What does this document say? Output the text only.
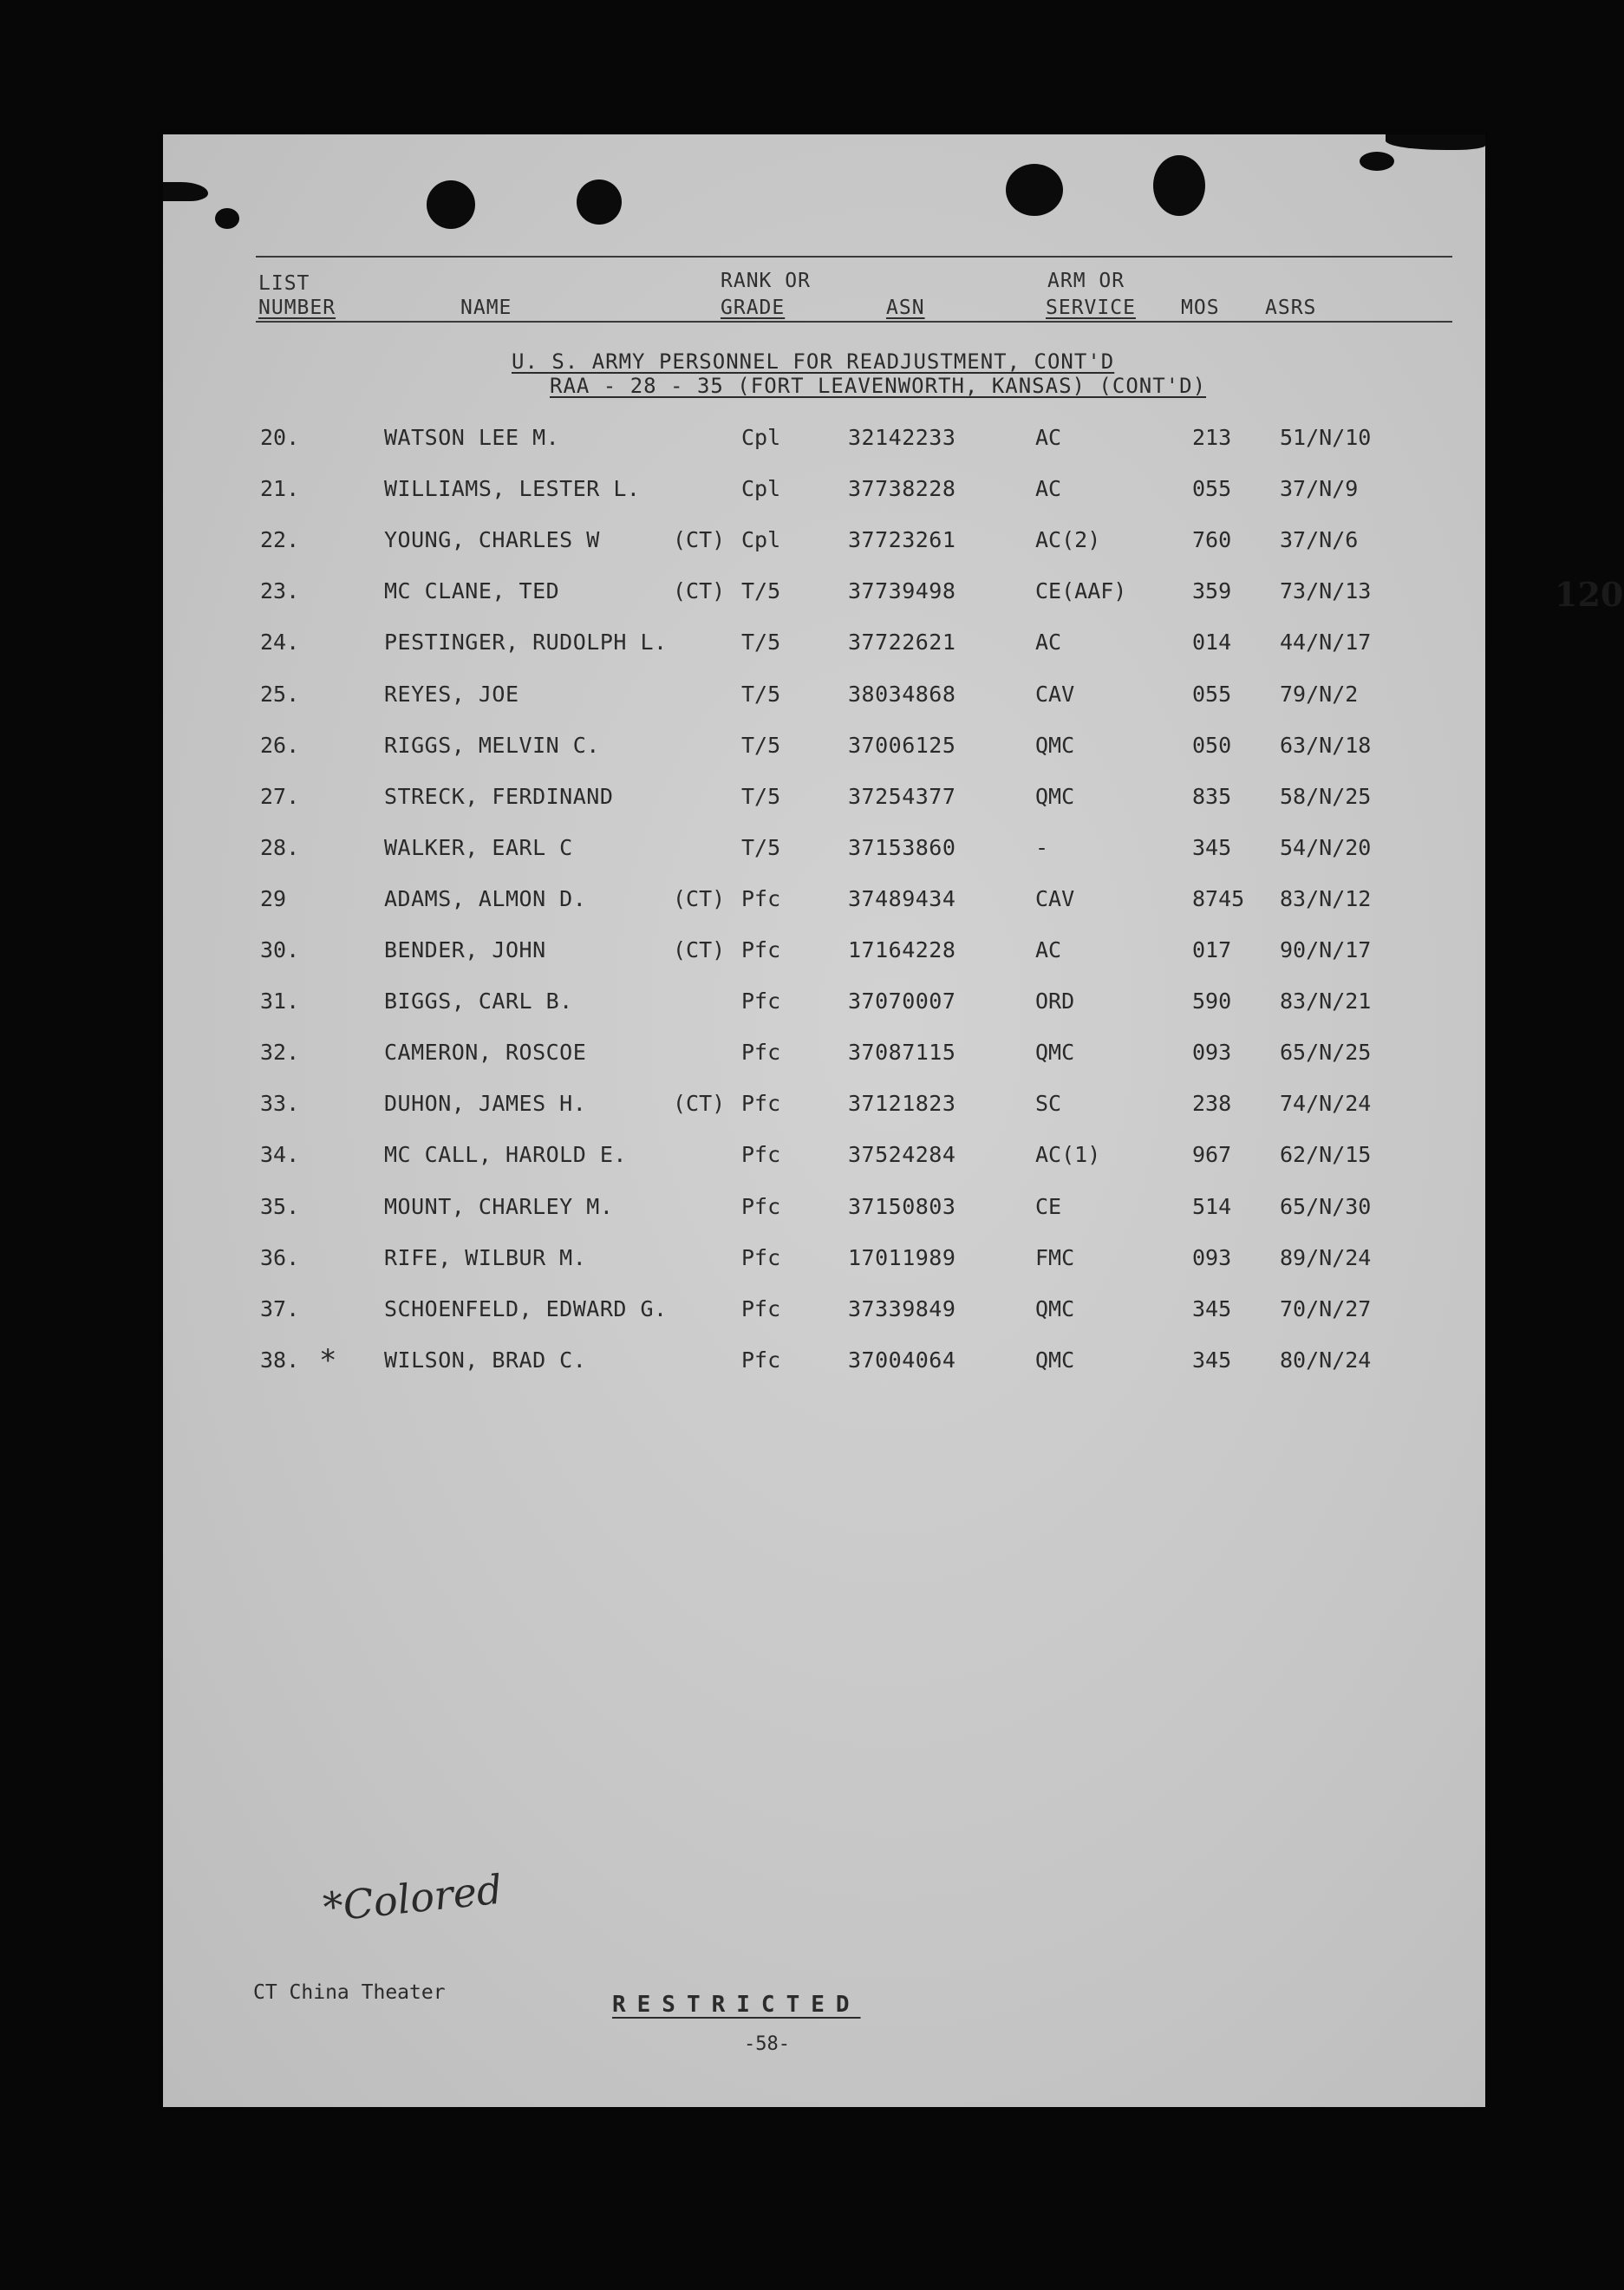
LIST
NUMBER	NAME
RANK OR
GRADE	ASN
ARM OR
SERVICE MOS ASRS
U. S. ARMY PERSONNEL FOR READJUSTMENT, CONT'D
RAA - 28 - 35 (FORT LEAVENWORTH, KANSAS) (CONT'D)
20.	WATSON LEE M.	Cpl	32142233	AC	213 51/N/10
21.	WILLIAMS, LESTER L.	Cpl	37738228	AC	055 37/N/9
22.	YOUNG, CHARLES W	(CT) Cpl	37723261	AC(2)	760 37/N/6
23.	MC CLANE, TED	(CT) T/5	37739498	CE(AAF)	359 73/N/13
24.	PESTINGER, RUDOLPH L.	T/5	37722621	AC	014 44/N/17
25.	REYES, JOE	T/5	38034868	CAV	055 79/N/2
26.	RIGGS, MELVIN C.	T/5	37006125	QMC	050 63/N/18
27.	STRECK, FERDINAND	T/5	37254377	QMC	835 58/N/25
28.	WALKER, EARL C	T/5	37153860	-	345 54/N/20
29	ADAMS, ALMON D.	(CT) Pfc	37489434	CAV	8745 83/N/12
30.	BENDER, JOHN	(CT) Pfc	17164228	AC	017 90/N/17
31.	BIGGS, CARL B.	Pfc	37070007	ORD	590 83/N/21
32.	CAMERON, ROSCOE	Pfc	37087115	QMC	093 65/N/25
33.	DUHON, JAMES H.	(CT) Pfc	37121823	SC	238 74/N/24
34.	MC CALL, HAROLD E.	Pfc	37524284	AC(1)	967 62/N/15
35.	MOUNT, CHARLEY M.	Pfc	37150803	CE	514 65/N/30
36.	RIFE, WILBUR M.	Pfc	17011989	FMC	093 89/N/24
37.	SCHOENFELD, EDWARD G.	Pfc	37339849	QMC	345 70/N/27
38. * WILSON, BRAD C.	Pfc	37004064	QMC	345 80/N/24
120
*Colored
CT China Theater	RESTRICTED
-58-
